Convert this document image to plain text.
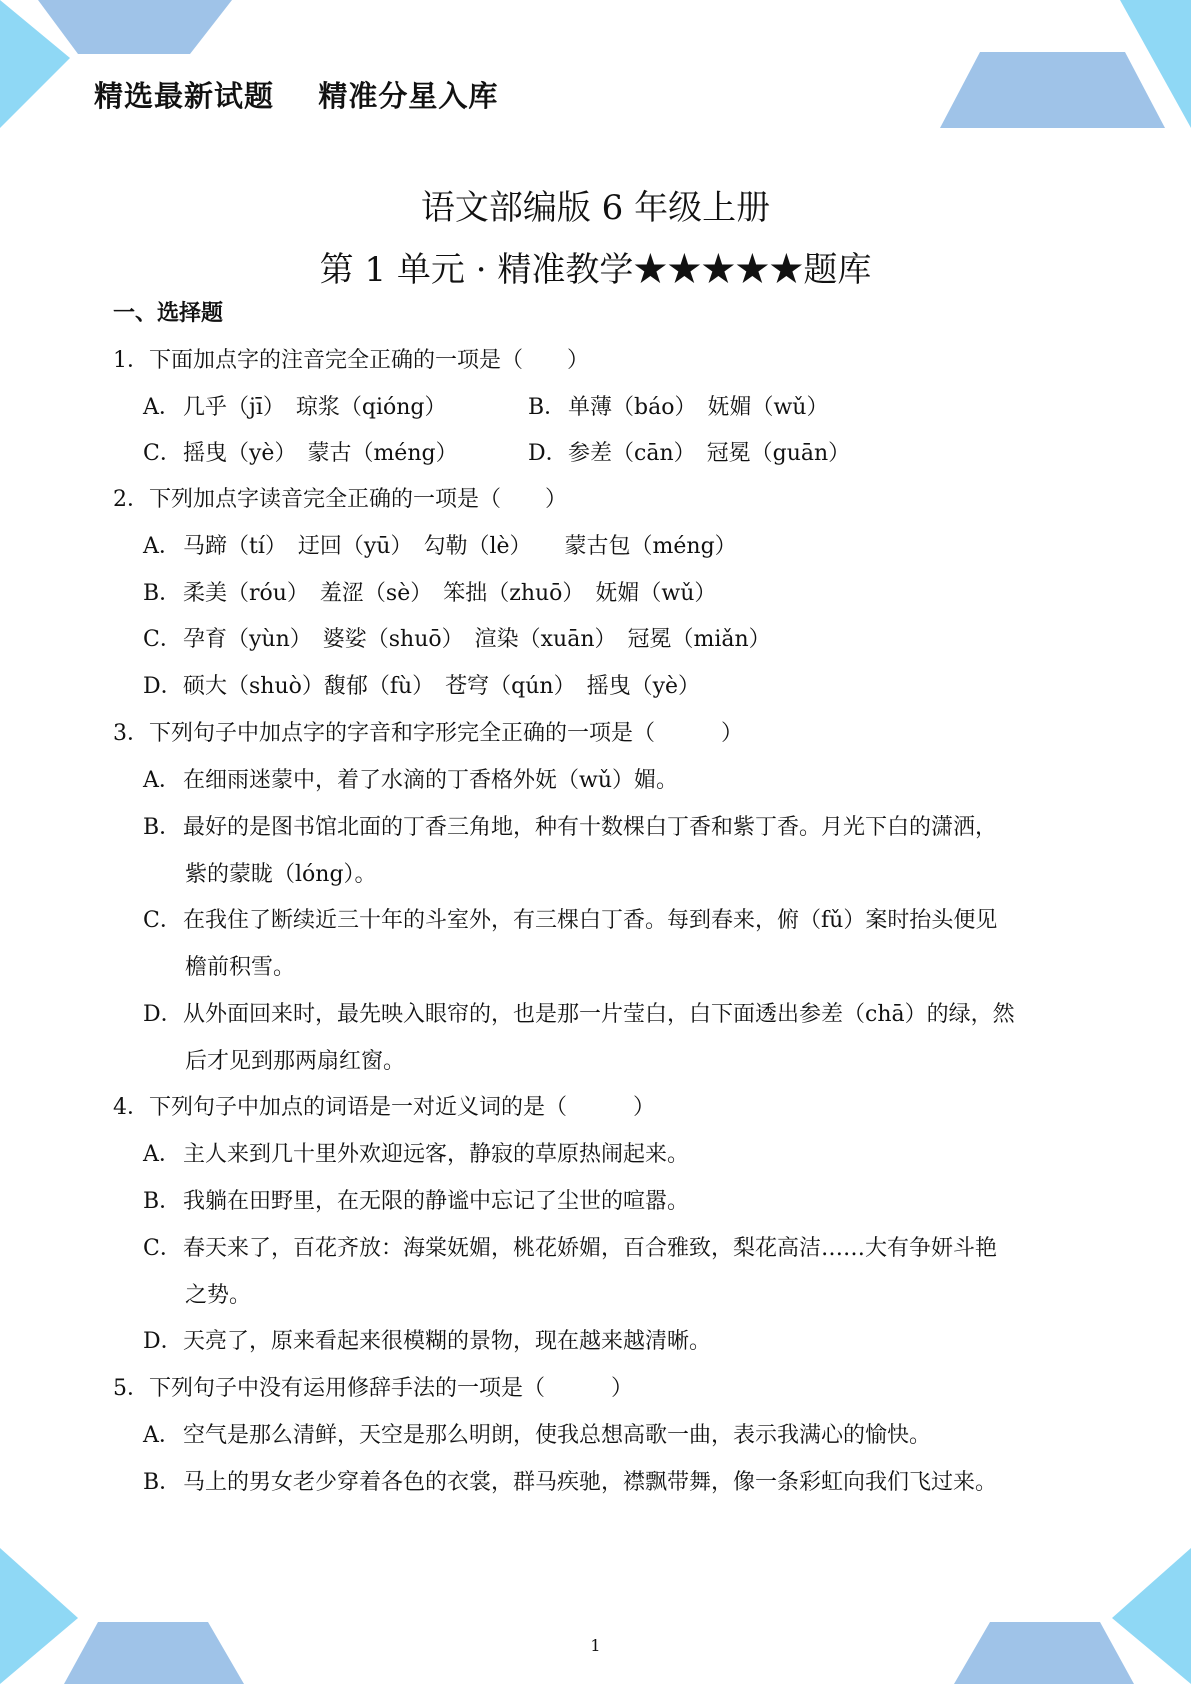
精选最新试题    精准分星入库
语文部编版 6 年级上册
第 1 单元 · 精准教学★★★★★题库
一、选择题
1．下面加点字的注音完全正确的一项是（　　）
A．几乎（jī）　琼浆（qióng）	B．单薄（báo）　妩媚（wǔ）
C．摇曳（yè）　蒙古（méng）	D．参差（cān）　冠冕（guān）
2．下列加点字读音完全正确的一项是（　　）
A．马蹄（tí）　迂回（yū）　勾勒（lè）　　蒙古包（méng）
B．柔美（róu）　羞涩（sè）　笨拙（zhuō）　妩媚（wǔ）
C．孕育（yùn）　婆娑（shuō）　渲染（xuān）　冠冕（miǎn）
D．硕大（shuò）馥郁（fù）　苍穹（qún）　摇曳（yè）
3．下列句子中加点字的字音和字形完全正确的一项是（　　　）
A．在细雨迷蒙中，着了水滴的丁香格外妩（wǔ）媚。
B．最好的是图书馆北面的丁香三角地，种有十数棵白丁香和紫丁香。月光下白的潇洒，
紫的蒙眬（lóng）。
C．在我住了断续近三十年的斗室外，有三棵白丁香。每到春来，俯（fǔ）案时抬头便见
檐前积雪。
D．从外面回来时，最先映入眼帘的，也是那一片莹白，白下面透出参差（chā）的绿，然
后才见到那两扇红窗。
4．下列句子中加点的词语是一对近义词的是（　　　）
A．主人来到几十里外欢迎远客，静寂的草原热闹起来。
B．我躺在田野里，在无限的静谧中忘记了尘世的喧嚣。
C．春天来了，百花齐放：海棠妩媚，桃花娇媚，百合雅致，梨花高洁……大有争妍斗艳
之势。
D．天亮了，原来看起来很模糊的景物，现在越来越清晰。
5．下列句子中没有运用修辞手法的一项是（　　　）
A．空气是那么清鲜，天空是那么明朗，使我总想高歌一曲，表示我满心的愉快。
B．马上的男女老少穿着各色的衣裳，群马疾驰，襟飘带舞，像一条彩虹向我们飞过来。
1
